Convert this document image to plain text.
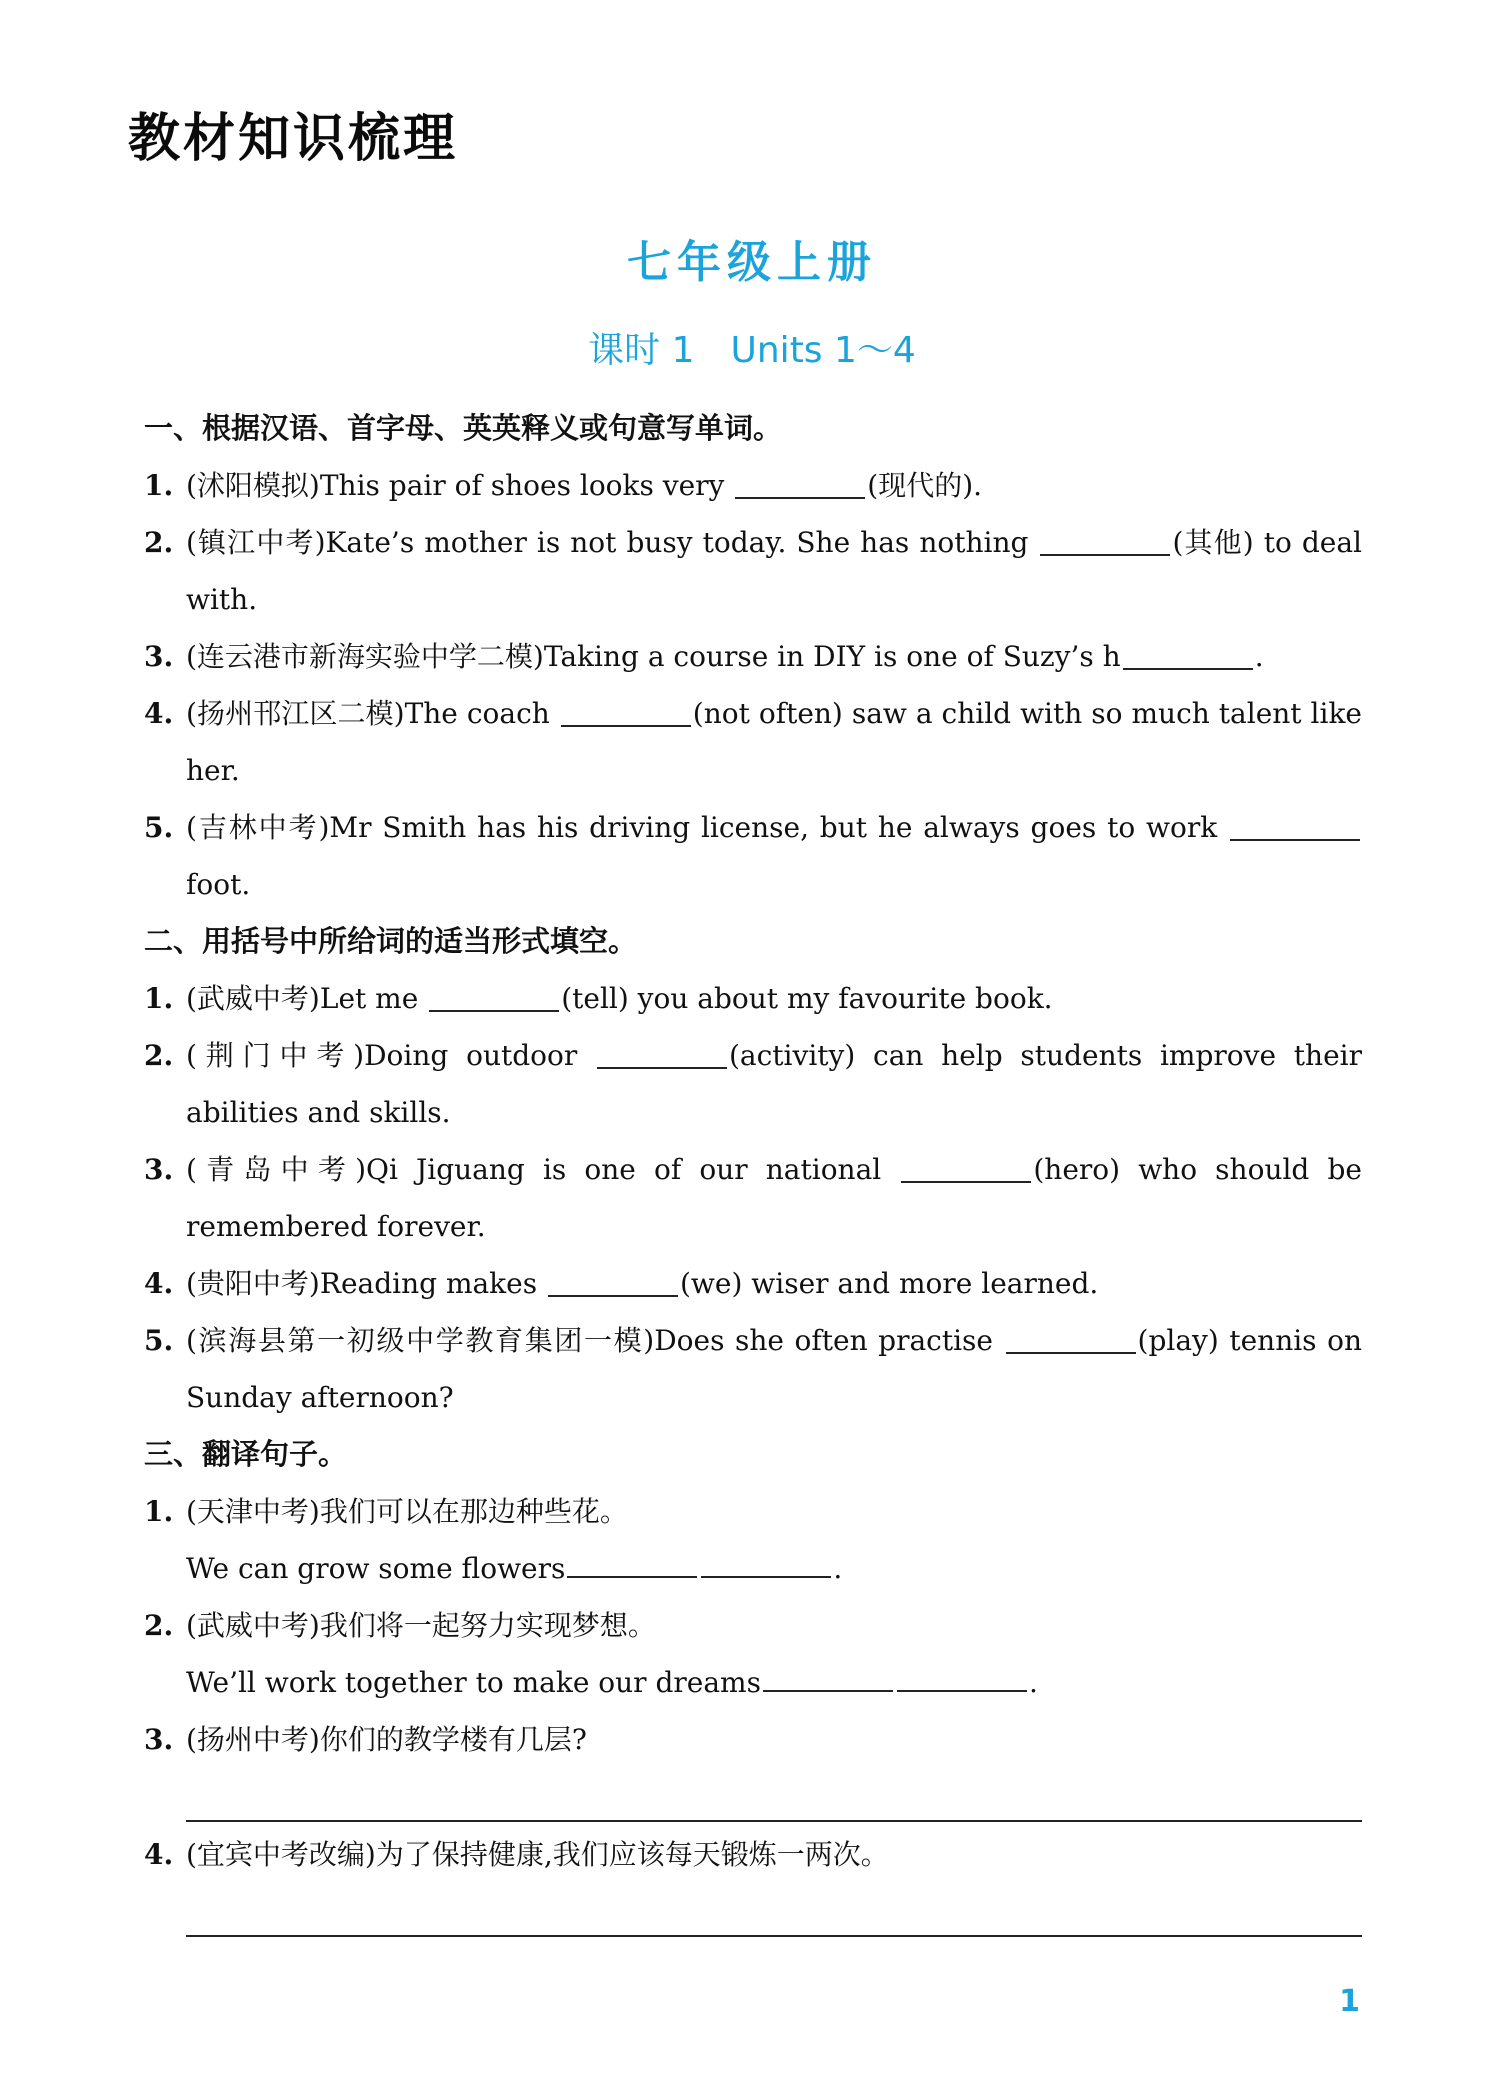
教材知识梳理
七年级上册
课时 1　Units 1～4
一、根据汉语、首字母、英英释义或句意写单词。
1. (沭阳模拟)This pair of shoes looks very	(现代的).
2. (镇江中考)Kate’s mother is not busy today. She has nothing	(其他) to deal with.
3. (连云港市新海实验中学二模)Taking a course in DIY is one of Suzy’s h	.
4. (扬州邗江区二模)The coach	(not often) saw a child with so much talent like her.
5. (吉林中考)Mr Smith has his driving license, but he always goes to work  foot.
二、用括号中所给词的适当形式填空。
1. (武威中考)Let me	(tell) you about my favourite book.
2. (荆门中考)Doing outdoor	(activity) can help students improve their abilities and skills.
3. (青岛中考)Qi Jiguang is one of our national	(hero) who should be remembered forever.
4. (贵阳中考)Reading makes	(we) wiser and more learned.
5. (滨海县第一初级中学教育集团一模)Does she often practise	(play) tennis on Sunday afternoon?
三、翻译句子。
1. (天津中考)我们可以在那边种些花。
We can grow some flowers	.
2. (武威中考)我们将一起努力实现梦想。
We’ll work together to make our dreams	.
3. (扬州中考)你们的教学楼有几层?
4. (宜宾中考改编)为了保持健康,我们应该每天锻炼一两次。
1
